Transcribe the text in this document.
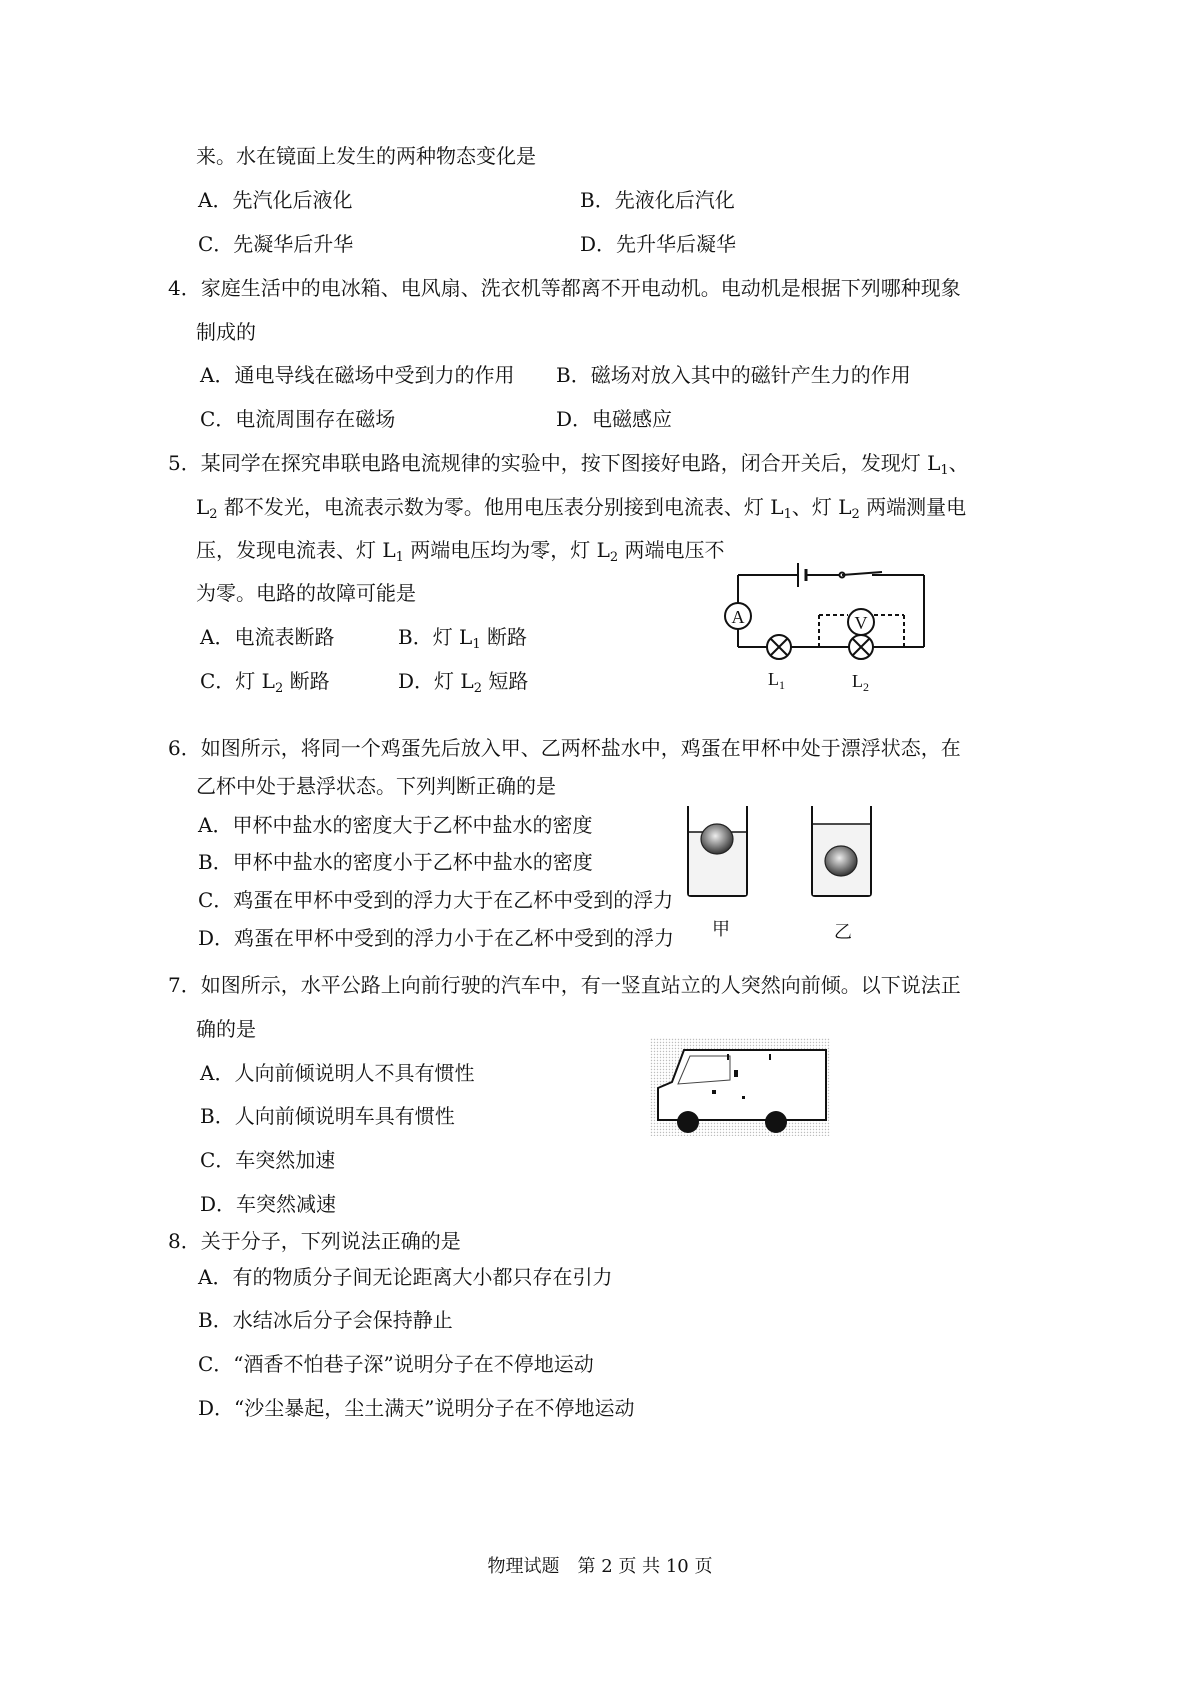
来。水在镜面上发生的两种物态变化是
A．先汽化后液化	B．先液化后汽化
C．先凝华后升华	D．先升华后凝华
4．家庭生活中的电冰箱、电风扇、洗衣机等都离不开电动机。电动机是根据下列哪种现象
制成的
A．通电导线在磁场中受到力的作用 B．磁场对放入其中的磁针产生力的作用
C．电流周围存在磁场	D．电磁感应
5．某同学在探究串联电路电流规律的实验中，按下图接好电路，闭合开关后，发现灯 $L_1$、
$L_2$ 都不发光，电流表示数为零。他用电压表分别接到电流表、灯 $L_1$、灯 $L_2$ 两端测量电
压，发现电流表、灯 $L_1$ 两端电压均为零，灯 $L_2$ 两端电压不
为零。电路的故障可能是
A．电流表断路	B．灯 $L_1$ 断路
C．灯 $L_2$ 断路	D．灯 $L_2$ 短路
A	V
$L_1$	$L_2$
6．如图所示，将同一个鸡蛋先后放入甲、乙两杯盐水中，鸡蛋在甲杯中处于漂浮状态，在
乙杯中处于悬浮状态。下列判断正确的是
A．甲杯中盐水的密度大于乙杯中盐水的密度
B．甲杯中盐水的密度小于乙杯中盐水的密度
C．鸡蛋在甲杯中受到的浮力大于在乙杯中受到的浮力
D．鸡蛋在甲杯中受到的浮力小于在乙杯中受到的浮力 甲	乙
7．如图所示，水平公路上向前行驶的汽车中，有一竖直站立的人突然向前倾。以下说法正
确的是
A．人向前倾说明人不具有惯性
B．人向前倾说明车具有惯性
C．车突然加速
D．车突然减速
8．关于分子，下列说法正确的是
A．有的物质分子间无论距离大小都只存在引力
B．水结冰后分子会保持静止
C．“酒香不怕巷子深”说明分子在不停地运动
D．“沙尘暴起，尘土满天”说明分子在不停地运动
物理试题　第 2 页 共 10 页
